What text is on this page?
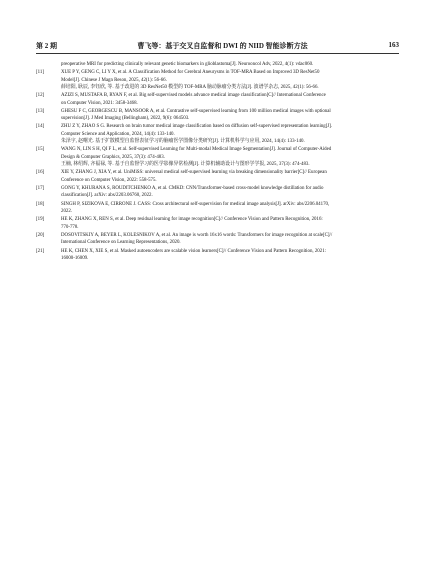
第 2 期	曹飞等：基于交叉自监督和 DWI 的 NIID 智能诊断方法	163
preoperative MRI for predicting clinically relevant genetic biomarkers in glioblastoma[J]. Neurooncol Adv, 2022, 4(1): vdac060.
[11]	XUE P Y, GENG C, LI Y X, et al. A Classification Method for Cerebral Aneurysms in TOF-MRA Based on Improved 3D ResNet50
Model[J]. Chinese J Magn Reson, 2025, 42(1): 56-66.
薛培阳, 耿辰, 李钰欣, 等. 基于改进的 3D ResNet50 模型的 TOF-MRA 脑动脉瘤分类方法[J]. 波谱学杂志, 2025, 42(1): 56-66.
[12]	AZIZI S, MUSTAFA B, RYAN F, et al. Big self-supervised models advance medical image classification[C]// International Conference
on Computer Vision, 2021: 3458-3468.
[13]	GHESU F C, GEORGESCU B, MANSOOR A, et al. Contrastive self-supervised learning from 100 million medical images with optional
supervision[J]. J Med Imaging (Bellingham), 2022, 9(6): 064503.
[14]	ZHU Z Y, ZHAO S G. Research on brain tumor medical image classification based on diffusion self-supervised representation learning[J].
Computer Science and Application, 2024, 14(4): 133-140.
朱泽宇, 赵曙光. 基于扩散模型自监督表征学习的脑瘤医学图像分类研究[J]. 计算机科学与应用, 2024, 14(4): 133-140.
[15]	WANG N, LIN S H, QI F L, et al. Self-supervised Learning for Multi-modal Medical Image Segmentation[J]. Journal of Computer-Aided
Design & Computer Graphics, 2025, 37(3): 474-483.
王楠, 林绍辉, 齐福禄, 等. 基于自监督学习的医学影像异常检测[J]. 计算机辅助设计与图形学学报, 2025, 37(3): 474-483.
[16]	XIE Y, ZHANG J, XIA Y, et al. UniMiSS: universal medical self-supervised learning via breaking dimensionality barrier[C]// European
Conference on Computer Vision, 2022: 558-575.
[17]	GONG Y, KHURANA S, ROUDITCHENKO A, et al. CMKD: CNN/Transformer-based cross-model knowledge distillation for audio
classification[J]. arXiv: abs/2203.06760, 2022.
[18]	SINGH P, SIZIKOVA E, CIRRONE J. CASS: Cross architectural self-supervision for medical image analysis[J]. arXiv: abs/2206.04170,
2022.
[19]	HE K, ZHANG X, REN S, et al. Deep residual learning for image recognition[C]// Conference Vision and Pattern Recognition, 2016:
770-778.
[20]	DOSOVITSKIY A, BEYER L, KOLESNIKOV A, et al. An image is worth 16x16 words: Transformers for image recognition at scale[C]//
International Conference on Learning Representations, 2020.
[21]	HE K, CHEN X, XIE S, et al. Masked autoencoders are scalable vision learners[C]// Conference Vision and Pattern Recognition, 2021:
16000-16009.
